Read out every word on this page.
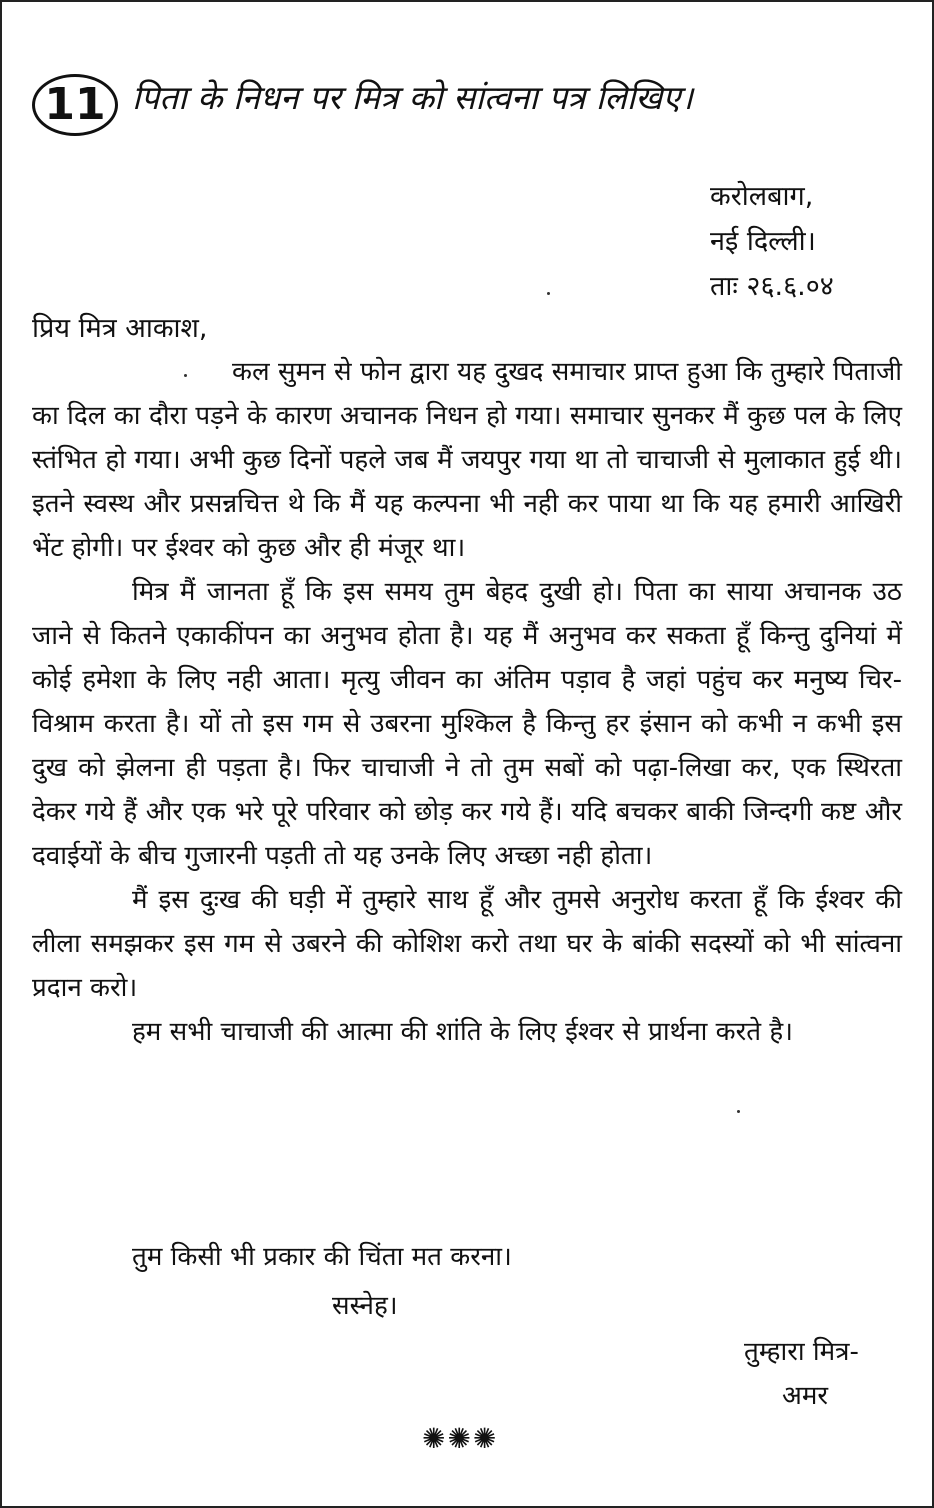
11 पिता के निधन पर मित्र को सांत्वना पत्र लिखिए।
करोलबाग,
नई दिल्ली।
ताः २६.६.०४
प्रिय मित्र आकाश,

कल सुमन से फोन द्वारा यह दुखद समाचार प्राप्त हुआ कि तुम्हारे पिताजी का दिल का दौरा पड़ने के कारण अचानक निधन हो गया। समाचार सुनकर मैं कुछ पल के लिए स्तंभित हो गया। अभी कुछ दिनों पहले जब मैं जयपुर गया था तो चाचाजी से मुलाकात हुई थी। इतने स्वस्थ और प्रसन्नचित्त थे कि मैं यह कल्पना भी नही कर पाया था कि यह हमारी आखिरी भेंट होगी। पर ईश्वर को कुछ और ही मंजूर था।

मित्र मैं जानता हूँ कि इस समय तुम बेहद दुखी हो। पिता का साया अचानक उठ जाने से कितने एकाकींपन का अनुभव होता है। यह मैं अनुभव कर सकता हूँ किन्तु दुनियां में कोई हमेशा के लिए नही आता। मृत्यु जीवन का अंतिम पड़ाव है जहां पहुंच कर मनुष्य चिर-विश्राम करता है। यों तो इस गम से उबरना मुश्किल है किन्तु हर इंसान को कभी न कभी इस दुख को झेलना ही पड़ता है। फिर चाचाजी ने तो तुम सबों को पढ़ा-लिखा कर, एक स्थिरता देकर गये हैं और एक भरे पूरे परिवार को छोड़ कर गये हैं। यदि बचकर बाकी जिन्दगी कष्ट और दवाईयों के बीच गुजारनी पड़ती तो यह उनके लिए अच्छा नही होता।

मैं इस दुःख की घड़ी में तुम्हारे साथ हूँ और तुमसे अनुरोध करता हूँ कि ईश्वर की लीला समझकर इस गम से उबरने की कोशिश करो तथा घर के बांकी सदस्यों को भी सांत्वना प्रदान करो।

हम सभी चाचाजी की आत्मा की शांति के लिए ईश्वर से प्रार्थना करते है।

तुम किसी भी प्रकार की चिंता मत करना।
सस्नेह।
तुम्हारा मित्र-
अमर
✺✺✺
